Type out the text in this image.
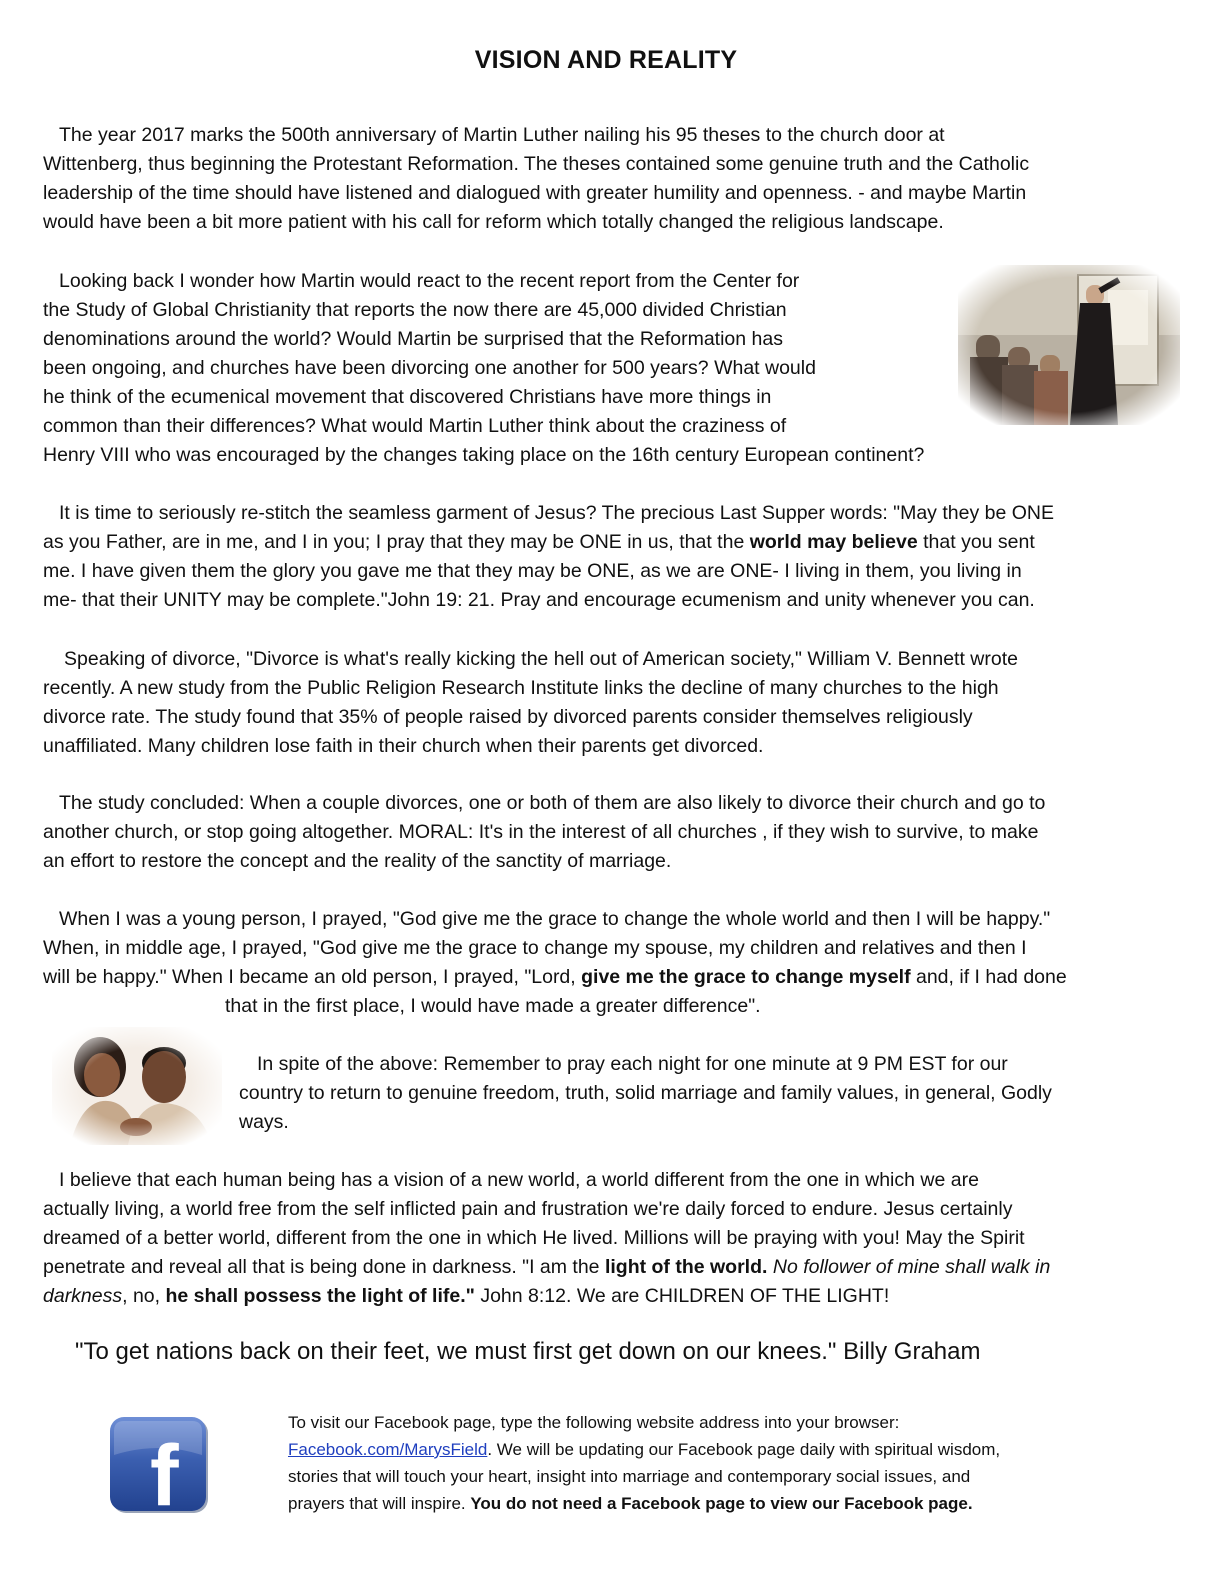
VISION AND REALITY
The year 2017 marks the 500th anniversary of Martin Luther nailing his 95 theses to the church door at
Wittenberg, thus beginning the Protestant Reformation. The theses contained some genuine truth and the Catholic
leadership of the time should have listened and dialogued with greater humility and openness. - and maybe Martin
would have been a bit more patient with his call for reform which totally changed the religious landscape.
Looking back I wonder how Martin would react to the recent report from the Center for
the Study of Global Christianity that reports the now there are 45,000 divided Christian
denominations around the world? Would Martin be surprised that the Reformation has
been ongoing, and churches have been divorcing one another for 500 years? What would
he think of the ecumenical movement that discovered Christians have more things in
common than their differences? What would Martin Luther think about the craziness of
Henry VIII who was encouraged by the changes taking place on the 16th century European continent?
It is time to seriously re-stitch the seamless garment of Jesus? The precious Last Supper words: "May they be ONE
as you Father, are in me, and I in you; I pray that they may be ONE in us, that the world may believe that you sent
me. I have given them the glory you gave me that they may be ONE, as we are ONE- I living in them, you living in
me- that their UNITY may be complete."John 19: 21. Pray and encourage ecumenism and unity whenever you can.
Speaking of divorce, "Divorce is what's really kicking the hell out of American society," William V. Bennett wrote
recently. A new study from the Public Religion Research Institute links the decline of many churches to the high
divorce rate. The study found that 35% of people raised by divorced parents consider themselves religiously
unaffiliated. Many children lose faith in their church when their parents get divorced.
The study concluded: When a couple divorces, one or both of them are also likely to divorce their church and go to
another church, or stop going altogether. MORAL: It's in the interest of all churches , if they wish to survive, to make
an effort to restore the concept and the reality of the sanctity of marriage.
When I was a young person, I prayed, "God give me the grace to change the whole world and then I will be happy."
When, in middle age, I prayed, "God give me the grace to change my spouse, my children and relatives and then I
will be happy." When I became an old person, I prayed, "Lord, give me the grace to change myself and, if I had done
that in the first place, I would have made a greater difference".
In spite of the above: Remember to pray each night for one minute at 9 PM EST for our
country to return to genuine freedom, truth, solid marriage and family values, in general, Godly
ways.
I believe that each human being has a vision of a new world, a world different from the one in which we are
actually living, a world free from the self inflicted pain and frustration we're daily forced to endure. Jesus certainly
dreamed of a better world, different from the one in which He lived. Millions will be praying with you! May the Spirit
penetrate and reveal all that is being done in darkness. "I am the light of the world. No follower of mine shall walk in
darkness, no, he shall possess the light of life." John 8:12. We are CHILDREN OF THE LIGHT!
"To get nations back on their feet, we must first get down on our knees." Billy Graham
f
To visit our Facebook page, type the following website address into your browser:
Facebook.com/MarysField. We will be updating our Facebook page daily with spiritual wisdom,
stories that will touch your heart, insight into marriage and contemporary social issues, and
prayers that will inspire. You do not need a Facebook page to view our Facebook page.
